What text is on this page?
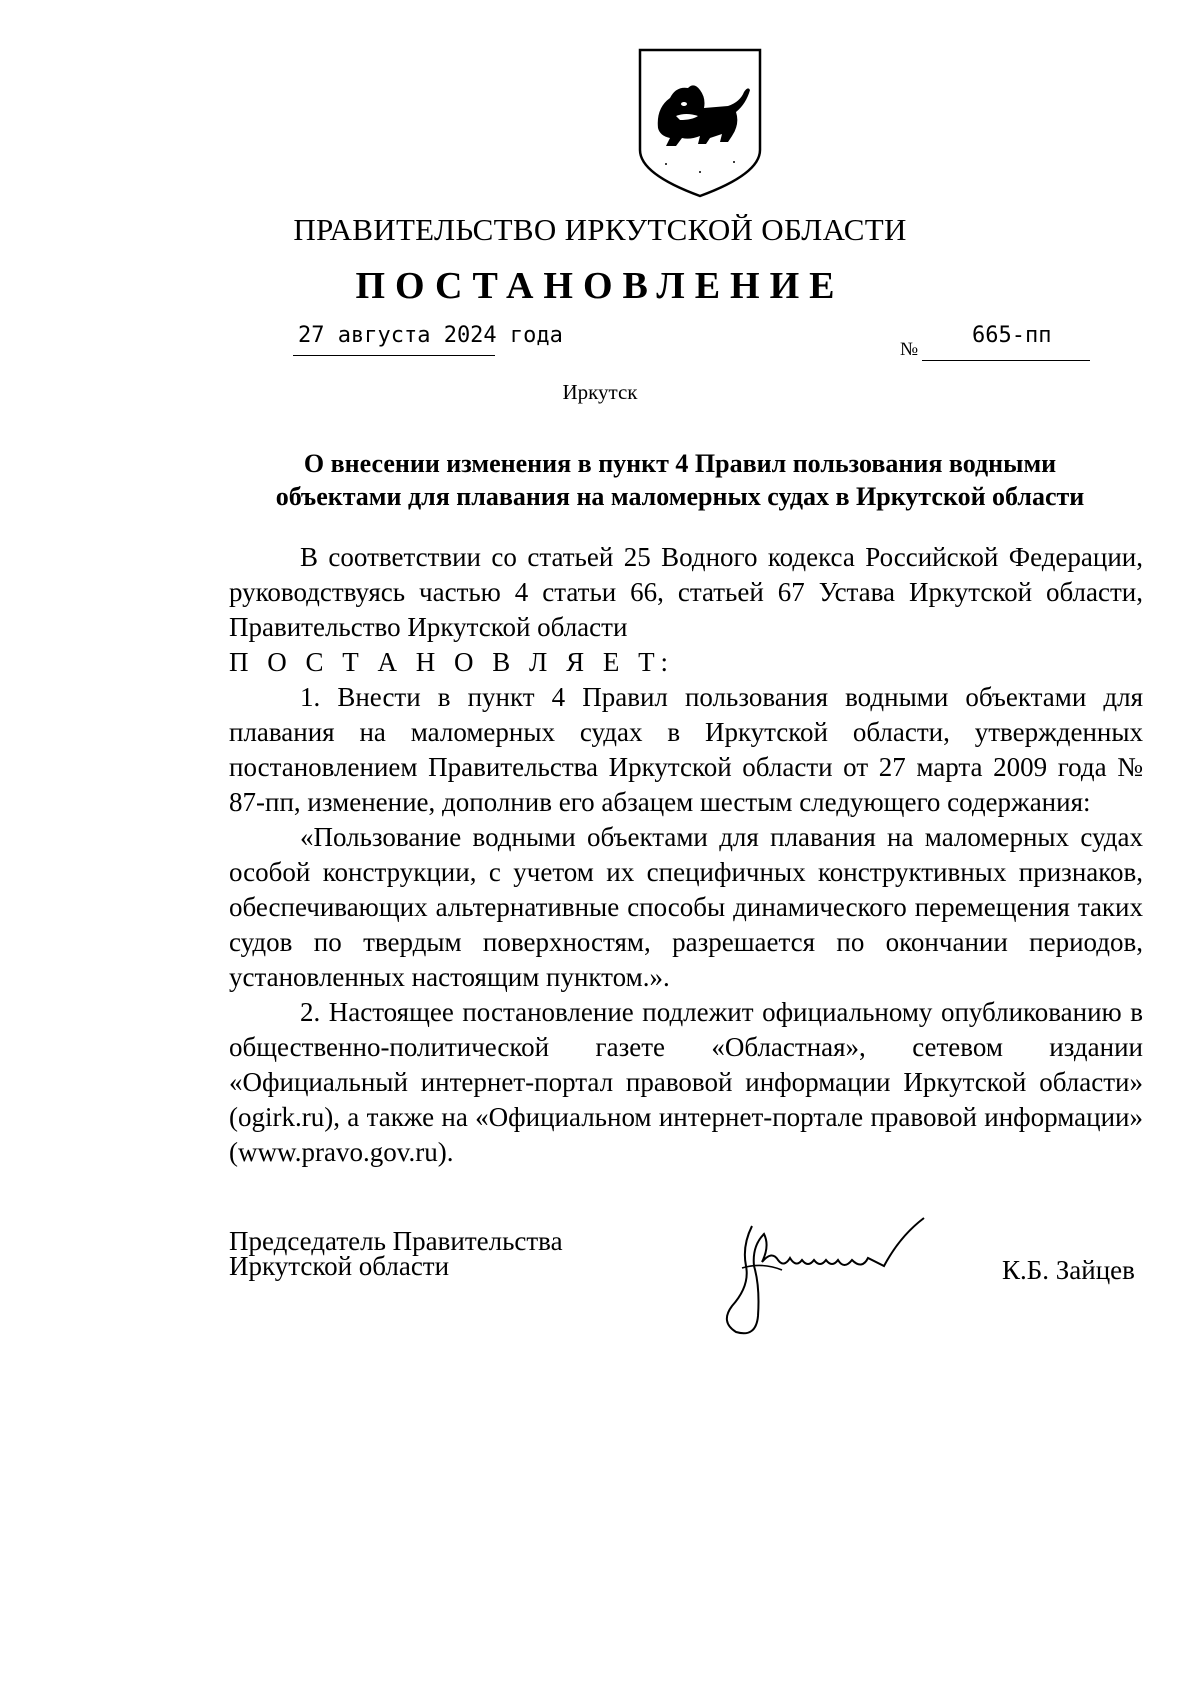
ПРАВИТЕЛЬСТВО ИРКУТСКОЙ ОБЛАСТИ
ПОСТАНОВЛЕНИЕ
27 августа 2024 года
№
665-пп
Иркутск
О внесении изменения в пункт 4 Правил пользования водными
объектами для плавания на маломерных судах в Иркутской области

В соответствии со статьей 25 Водного кодекса Российской Федерации, руководствуясь частью 4 статьи 66, статьей 67 Устава Иркутской области, Правительство Иркутской области

П О С Т А Н О В Л Я Е Т:

1. Внести в пункт 4 Правил пользования водными объектами для плавания на маломерных судах в Иркутской области, утвержденных постановлением Правительства Иркутской области от 27 марта 2009 года № 87-пп, изменение, дополнив его абзацем шестым следующего содержания:

«Пользование водными объектами для плавания на маломерных судах особой конструкции, с учетом их специфичных конструктивных признаков, обеспечивающих альтернативные способы динамического перемещения таких судов по твердым поверхностям, разрешается по окончании периодов, установленных настоящим пунктом.».

2. Настоящее постановление подлежит официальному опубликованию в общественно-политической газете «Областная», сетевом издании «Официальный интернет-портал правовой информации Иркутской области» (ogirk.ru), а также на «Официальном интернет-портале правовой информации» (www.pravo.gov.ru).

Председатель Правительства
Иркутской области	К.Б. Зайцев
